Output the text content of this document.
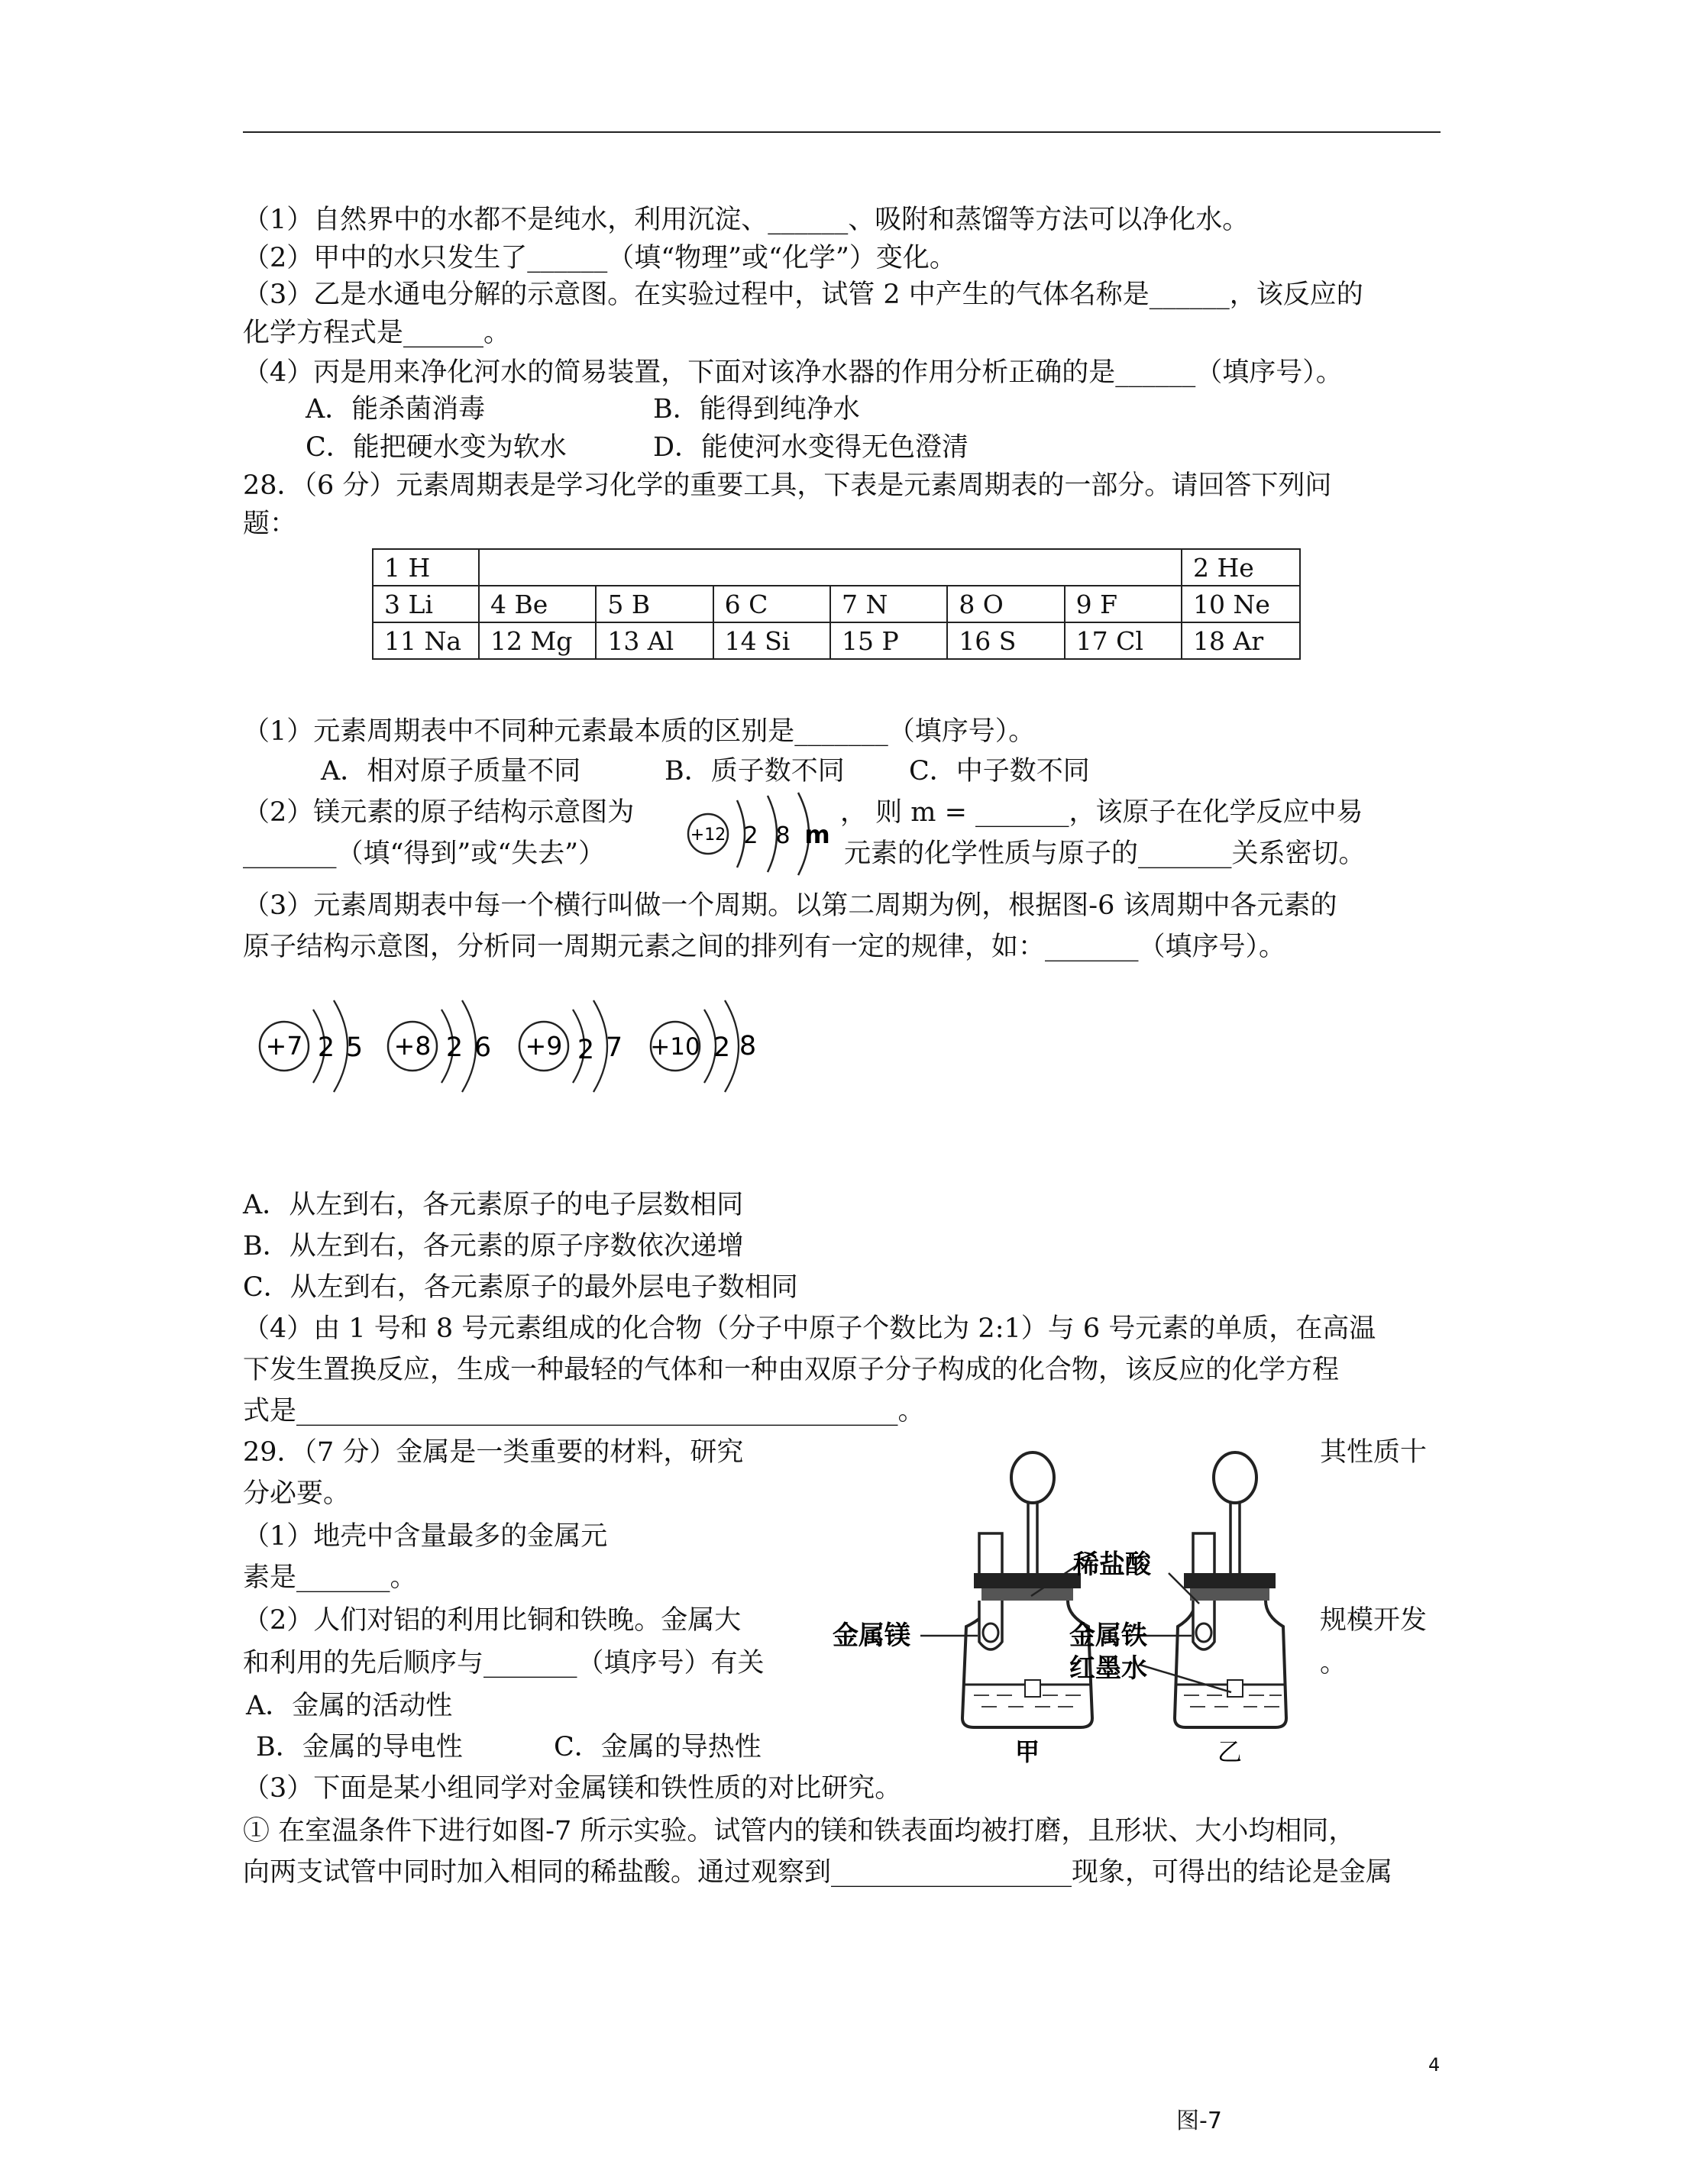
（1）自然界中的水都不是纯水，利用沉淀、______、吸附和蒸馏等方法可以净化水。
（2）甲中的水只发生了______（填“物理”或“化学”）变化。
（3）乙是水通电分解的示意图。在实验过程中，试管 2 中产生的气体名称是______，该反应的
化学方程式是______。
（4）丙是用来净化河水的简易装置，下面对该净水器的作用分析正确的是______（填序号）。
A．能杀菌消毒	B．能得到纯净水
C．能把硬水变为软水	D．能使河水变得无色澄清
28．（6 分）元素周期表是学习化学的重要工具，下表是元素周期表的一部分。请回答下列问
题：
1 H							2 He
3 Li	4 Be	5 B	6 C	7 N	8 O	9 F	10 Ne
11 Na	12 Mg	13 Al	14 Si	15 P	16 S	17 Cl	18 Ar
（1）元素周期表中不同种元素最本质的区别是_______（填序号）。
A．相对原子质量不同	B．质子数不同 C．中子数不同
（2）镁元素的原子结构示意图为	， 则 m = _______，该原子在化学反应中易
_______（填“得到”或“失去”）	元素的化学性质与原子的_______关系密切。
+12 2 8 m
（3）元素周期表中每一个横行叫做一个周期。以第二周期为例，根据图-6 该周期中各元素的
原子结构示意图，分析同一周期元素之间的排列有一定的规律，如：_______（填序号）。
+7 2 5 +8 2 6 +9 2 7 +10 2 8
A．从左到右，各元素原子的电子层数相同
B．从左到右，各元素的原子序数依次递增
C．从左到右，各元素原子的最外层电子数相同
（4）由 1 号和 8 号元素组成的化合物（分子中原子个数比为 2:1）与 6 号元素的单质，在高温
下发生置换反应，生成一种最轻的气体和一种由双原子分子构成的化合物，该反应的化学方程
式是_____________________________________________。
29．（7 分）金属是一类重要的材料，研究	其性质十
分必要。
（1）地壳中含量最多的金属元
素是_______。
（2）人们对铝的利用比铜和铁晚。金属大	规模开发
和利用的先后顺序与_______（填序号）有关	。
A．金属的活动性
B．金属的导电性	C．金属的导热性
（3）下面是某小组同学对金属镁和铁性质的对比研究。
① 在室温条件下进行如图-7 所示实验。试管内的镁和铁表面均被打磨，且形状、大小均相同，
向两支试管中同时加入相同的稀盐酸。通过观察到__________________现象，可得出的结论是金属
稀盐酸
金属镁	金属铁
红墨水
甲	乙
4
图-7
